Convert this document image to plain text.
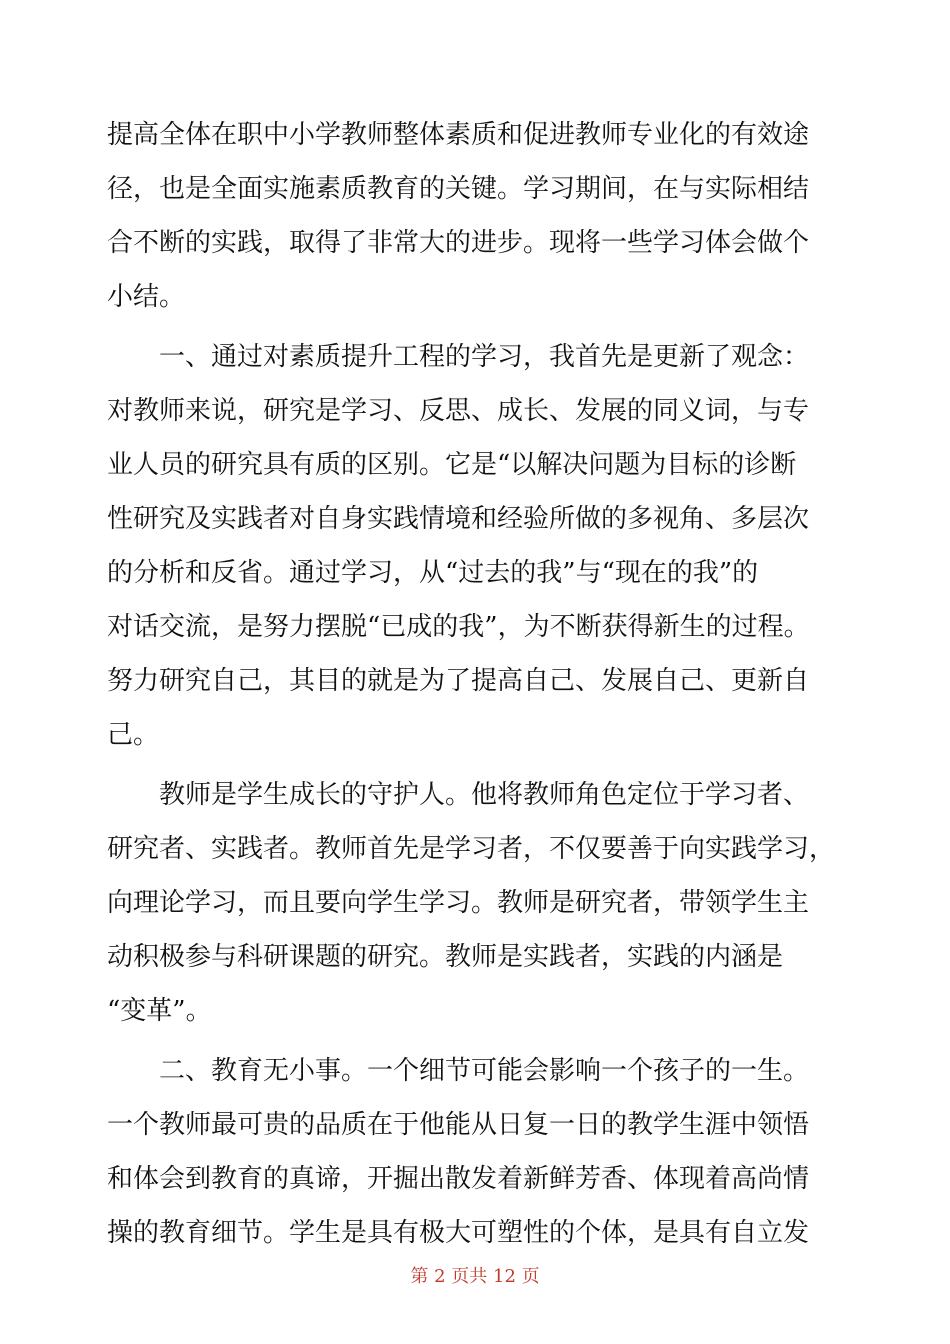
提高全体在职中小学教师整体素质和促进教师专业化的有效途
径，也是全面实施素质教育的关键。学习期间，在与实际相结
合不断的实践，取得了非常大的进步。现将一些学习体会做个
小结。
一、通过对素质提升工程的学习，我首先是更新了观念：
对教师来说，研究是学习、反思、成长、发展的同义词，与专
业人员的研究具有质的区别。它是“以解决问题为目标的诊断
性研究及实践者对自身实践情境和经验所做的多视角、多层次
的分析和反省。通过学习，从“过去的我”与“现在的我”的
对话交流，是努力摆脱“已成的我”，为不断获得新生的过程。
努力研究自己，其目的就是为了提高自己、发展自己、更新自
己。
教师是学生成长的守护人。他将教师角色定位于学习者、
研究者、实践者。教师首先是学习者，不仅要善于向实践学习，
向理论学习，而且要向学生学习。教师是研究者，带领学生主
动积极参与科研课题的研究。教师是实践者，实践的内涵是
“变革”。
二、教育无小事。一个细节可能会影响一个孩子的一生。
一个教师最可贵的品质在于他能从日复一日的教学生涯中领悟
和体会到教育的真谛，开掘出散发着新鲜芳香、体现着高尚情
操的教育细节。学生是具有极大可塑性的个体，是具有自立发
第 2 页共 12 页
